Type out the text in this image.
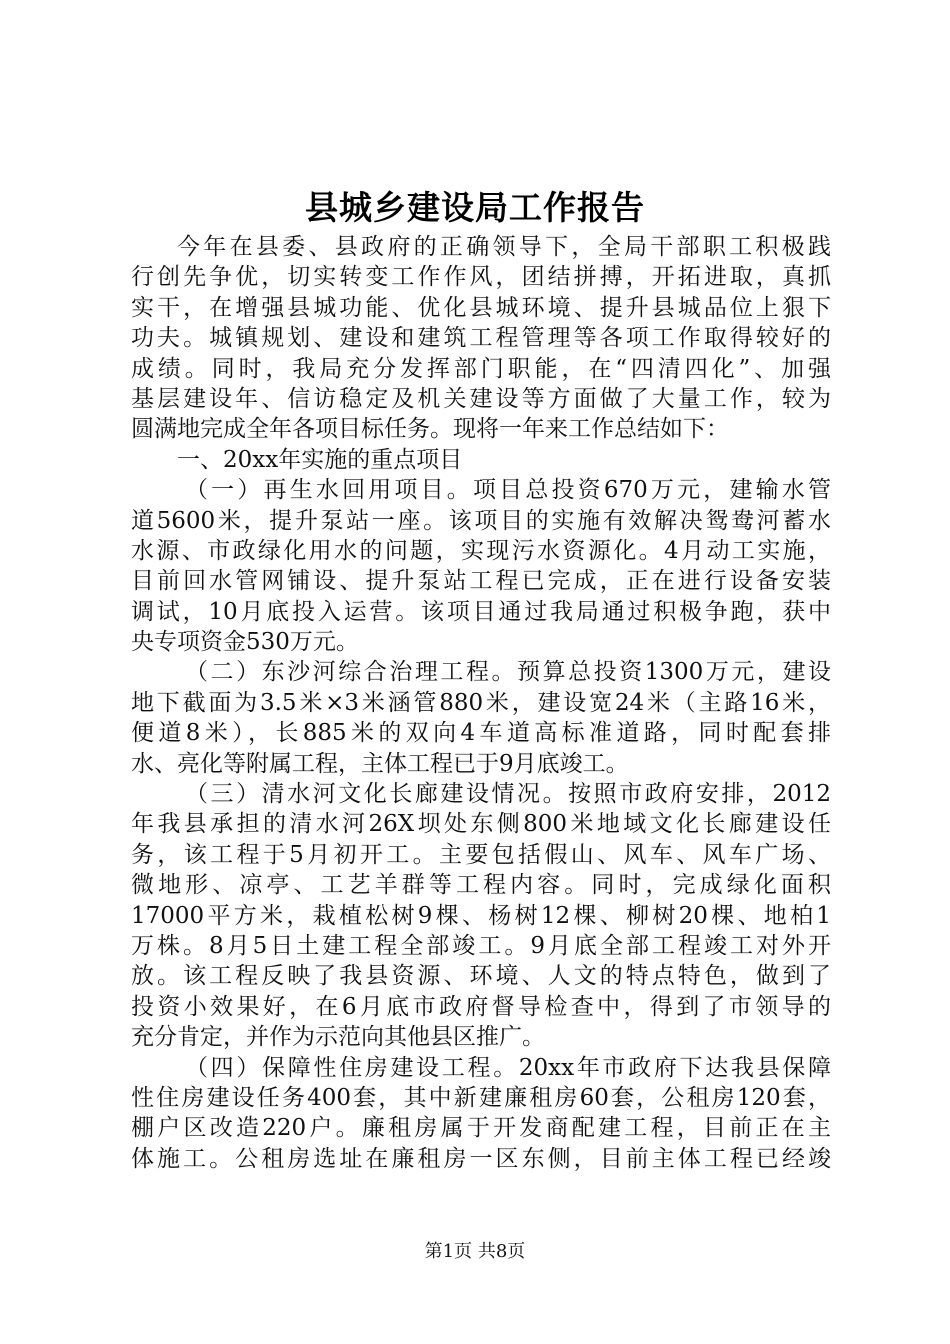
县城乡建设局工作报告
今年在县委、县政府的正确领导下，全局干部职工积极践
行创先争优，切实转变工作作风，团结拼搏，开拓进取，真抓
实干，在增强县城功能、优化县城环境、提升县城品位上狠下
功夫。城镇规划、建设和建筑工程管理等各项工作取得较好的
成绩。同时，我局充分发挥部门职能，在“四清四化”、加强
基层建设年、信访稳定及机关建设等方面做了大量工作，较为
圆满地完成全年各项目标任务。现将一年来工作总结如下：
一、20xx年实施的重点项目
（一）再生水回用项目。项目总投资670万元，建输水管
道5600米，提升泵站一座。该项目的实施有效解决鸳鸯河蓄水
水源、市政绿化用水的问题，实现污水资源化。4月动工实施，
目前回水管网铺设、提升泵站工程已完成，正在进行设备安装
调试，10月底投入运营。该项目通过我局通过积极争跑，获中
央专项资金530万元。
（二）东沙河综合治理工程。预算总投资1300万元，建设
地下截面为3.5米×3米涵管880米，建设宽24米（主路16米，
便道8米），长885米的双向4车道高标准道路，同时配套排
水、亮化等附属工程，主体工程已于9月底竣工。
（三）清水河文化长廊建设情况。按照市政府安排，2012
年我县承担的清水河26X坝处东侧800米地域文化长廊建设任
务，该工程于5月初开工。主要包括假山、风车、风车广场、
微地形、凉亭、工艺羊群等工程内容。同时，完成绿化面积
17000平方米，栽植松树9棵、杨树12棵、柳树20棵、地柏1
万株。8月5日土建工程全部竣工。9月底全部工程竣工对外开
放。该工程反映了我县资源、环境、人文的特点特色，做到了
投资小效果好，在6月底市政府督导检查中，得到了市领导的
充分肯定，并作为示范向其他县区推广。
（四）保障性住房建设工程。20xx年市政府下达我县保障
性住房建设任务400套，其中新建廉租房60套，公租房120套，
棚户区改造220户。廉租房属于开发商配建工程，目前正在主
体施工。公租房选址在廉租房一区东侧，目前主体工程已经竣
第1页 共8页
